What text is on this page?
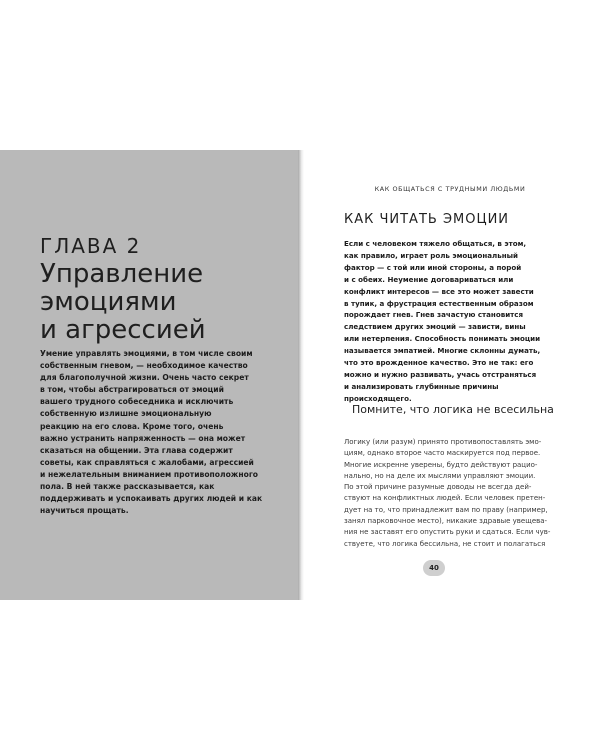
ГЛАВА 2
Управление
эмоциями
и агрессией
Умение управлять эмоциями, в том числе своим
собственным гневом, — необходимое качество
для благополучной жизни. Очень часто секрет
в том, чтобы абстрагироваться от эмоций
вашего трудного собеседника и исключить
собственную излишне эмоциональную
реакцию на его слова. Кроме того, очень
важно устранить напряженность — она может
сказаться на общении. Эта глава содержит
советы, как справляться с жалобами, агрессией
и нежелательным вниманием противоположного
пола. В ней также рассказывается, как
поддерживать и успокаивать других людей и как
научиться прощать.
КАК ОБЩАТЬСЯ С ТРУДНЫМИ ЛЮДЬМИ
КАК ЧИТАТЬ ЭМОЦИИ
Если с человеком тяжело общаться, в этом,
как правило, играет роль эмоциональный
фактор — с той или иной стороны, а порой
и с обеих. Неумение договариваться или
конфликт интересов — все это может завести
в тупик, а фрустрация естественным образом
порождает гнев. Гнев зачастую становится
следствием других эмоций — зависти, вины
или нетерпения. Способность понимать эмоции
называется эмпатией. Многие склонны думать,
что это врожденное качество. Это не так: его
можно и нужно развивать, учась отстраняться
и анализировать глубинные причины
происходящего.
Помните, что логика не всесильна
Логику (или разум) принято противопоставлять эмо-
циям, однако второе часто маскируется под первое.
Многие искренне уверены, будто действуют рацио-
нально, но на деле их мыслями управляют эмоции.
По этой причине разумные доводы не всегда дей-
ствуют на конфликтных людей. Если человек претен-
дует на то, что принадлежит вам по праву (например,
занял парковочное место), никакие здравые увещева-
ния не заставят его опустить руки и сдаться. Если чув-
ствуете, что логика бессильна, не стоит и полагаться
40
